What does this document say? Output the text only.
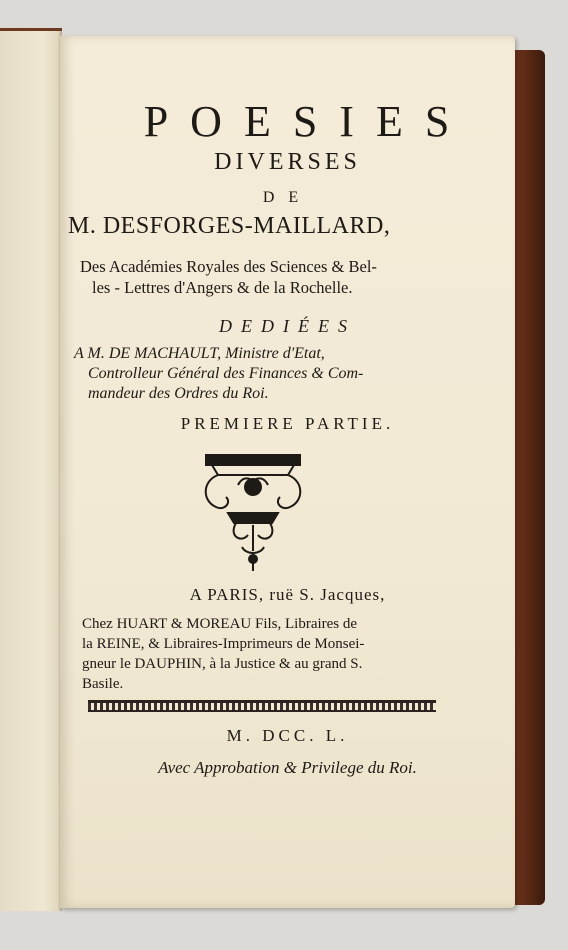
POESIES
DIVERSES
DE
M. DESFORGES-MAILLARD,
Des Académies Royales des Sciences & Bel-
les - Lettres d'Angers & de la Rochelle.
DEDIÉES
A M. DE MACHAULT, Ministre d'Etat,
Controlleur Général des Finances & Com-
mandeur des Ordres du Roi.
PREMIERE PARTIE.
A PARIS, ruë S. Jacques,
Chez HUART & MOREAU Fils, Libraires de
la REINE, & Libraires-Imprimeurs de Monsei-
gneur le DAUPHIN, à la Justice & au grand S.
Basile.
M. DCC. L.
Avec Approbation & Privilege du Roi.
